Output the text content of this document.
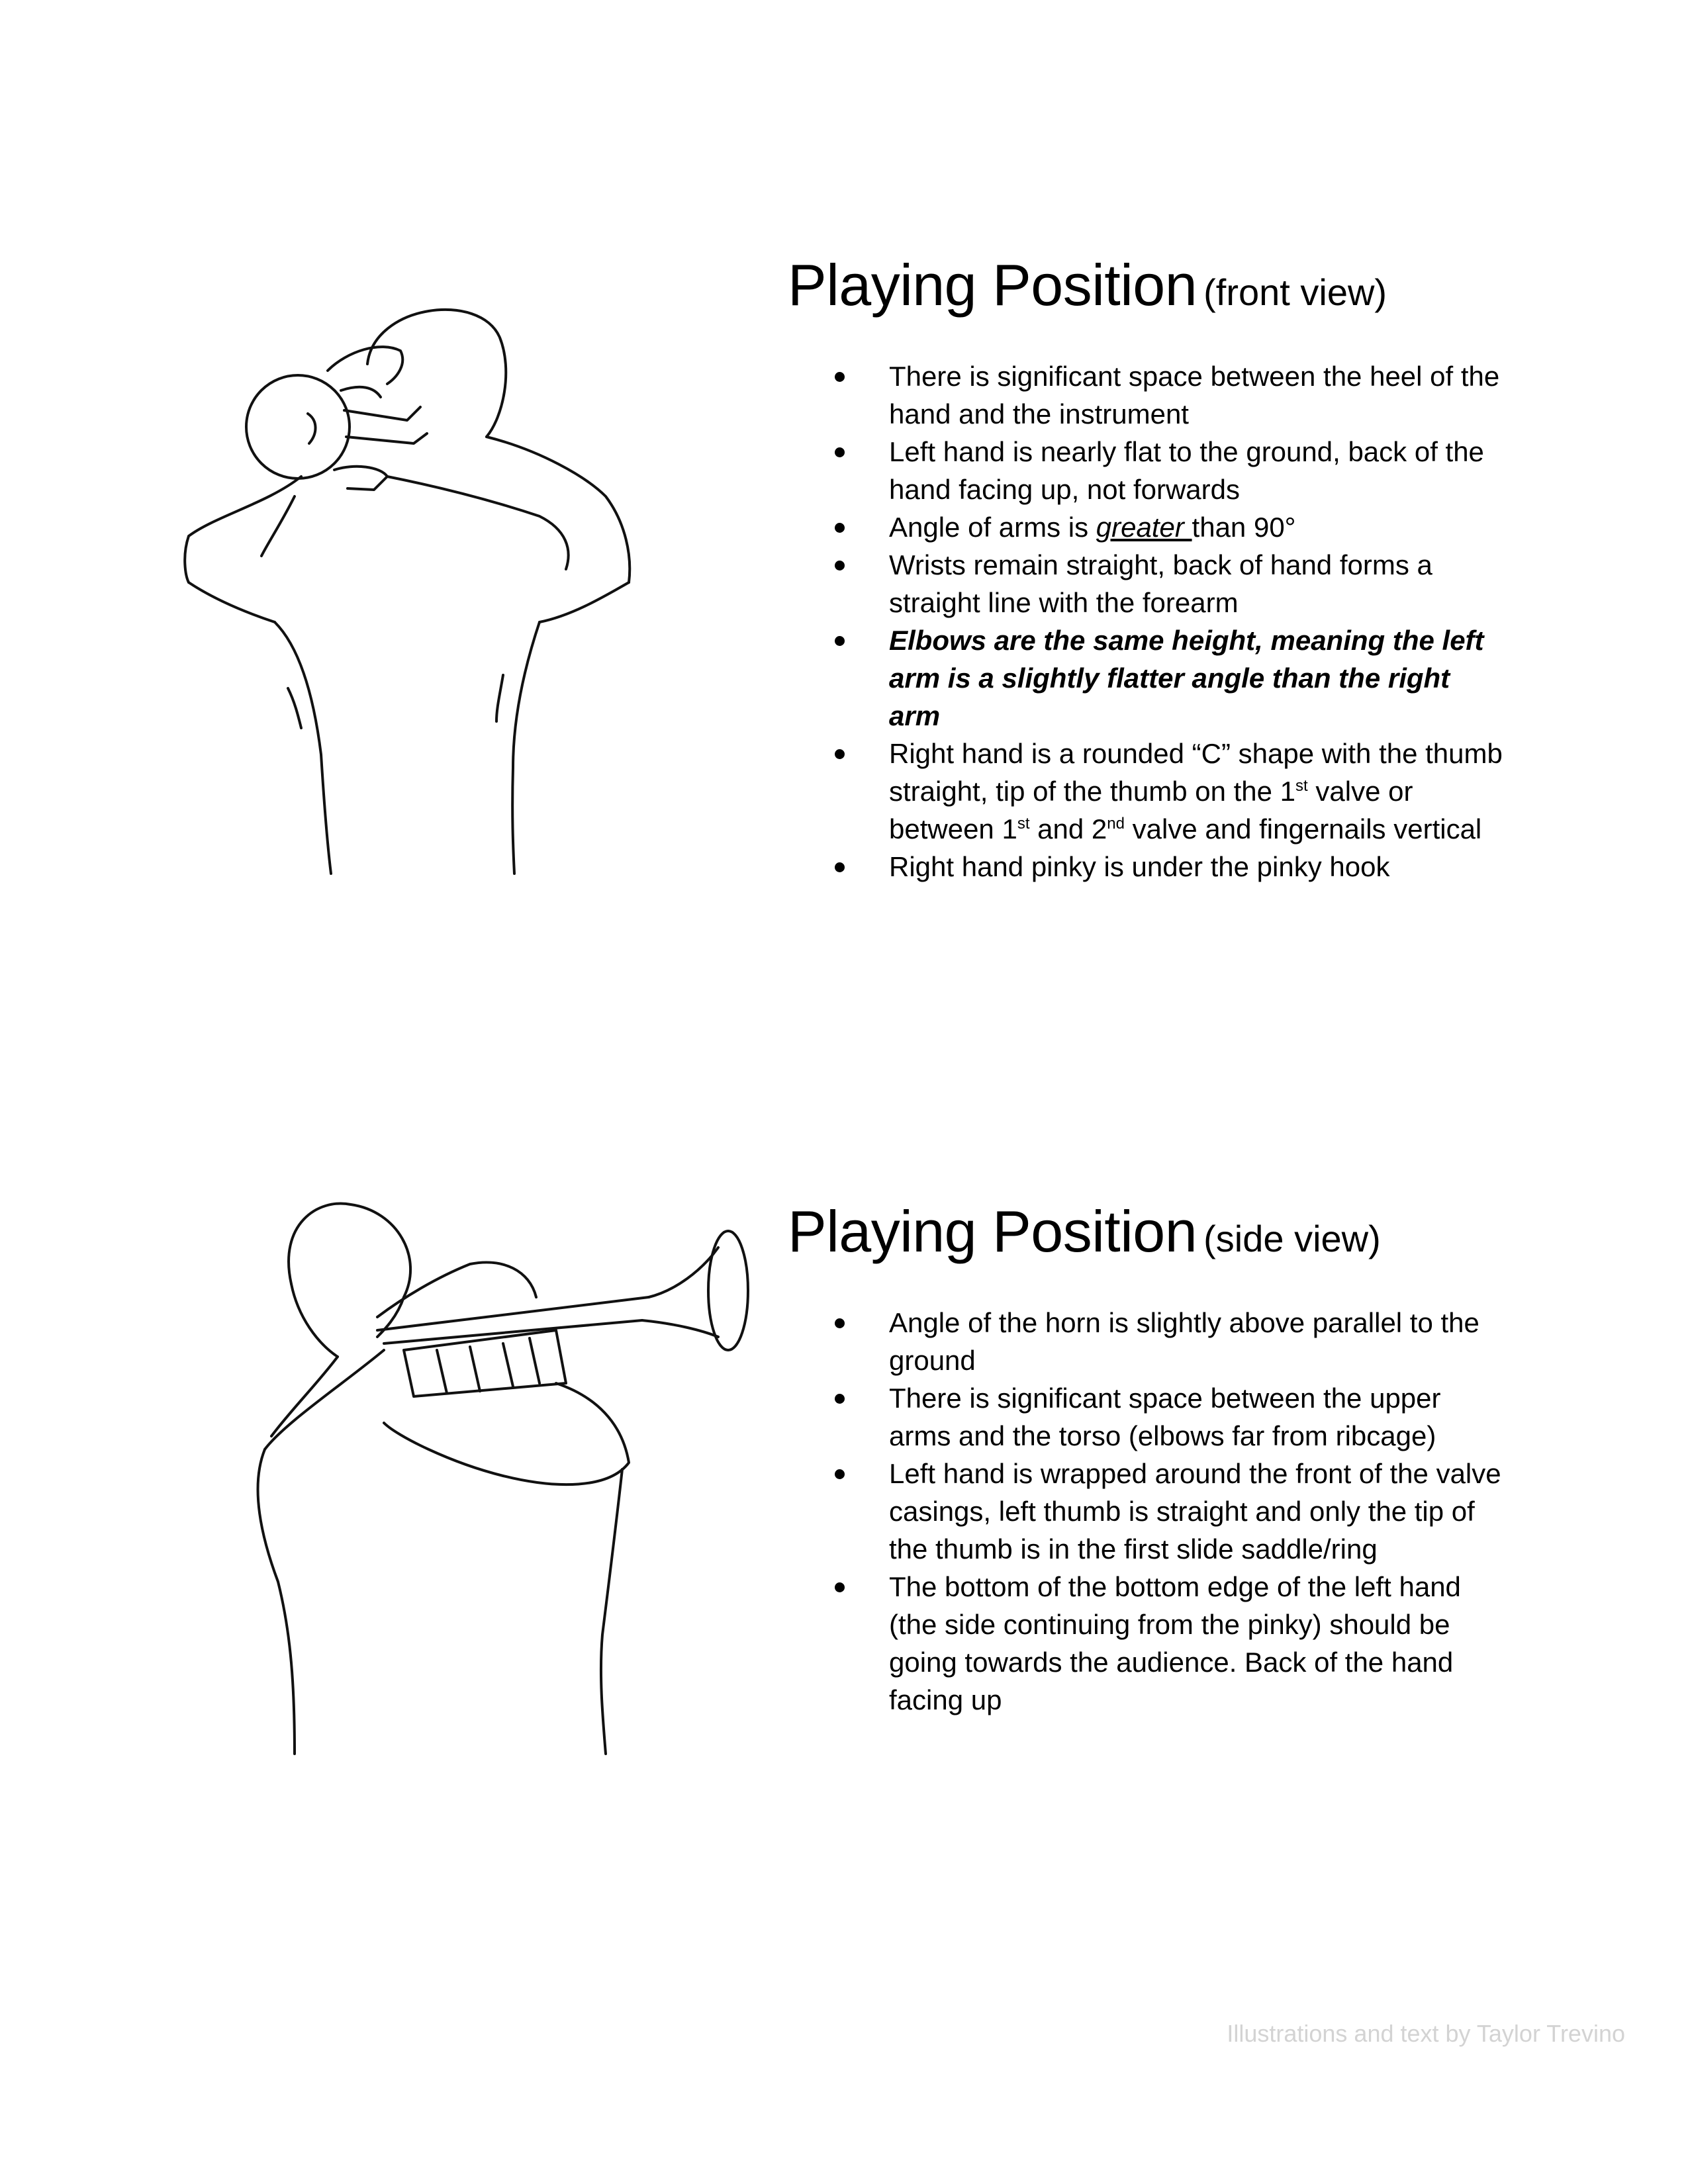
Playing Position (front view)
There is significant space between the heel of the hand and the instrument
Left hand is nearly flat to the ground, back of the hand facing up, not forwards
Angle of arms is greater than 90°
Wrists remain straight, back of hand forms a straight line with the forearm
Elbows are the same height, meaning the left arm is a slightly flatter angle than the right arm
Right hand is a rounded “C” shape with the thumb straight, tip of the thumb on the 1st valve or between 1st and 2nd valve and fingernails vertical
Right hand pinky is under the pinky hook
Playing Position (side view)
Angle of the horn is slightly above parallel to the ground
There is significant space between the upper arms and the torso (elbows far from ribcage)
Left hand is wrapped around the front of the valve casings, left thumb is straight and only the tip of the thumb is in the first slide saddle/ring
The bottom of the bottom edge of the left hand (the side continuing from the pinky) should be going towards the audience. Back of the hand facing up
Illustrations and text by Taylor Trevino
